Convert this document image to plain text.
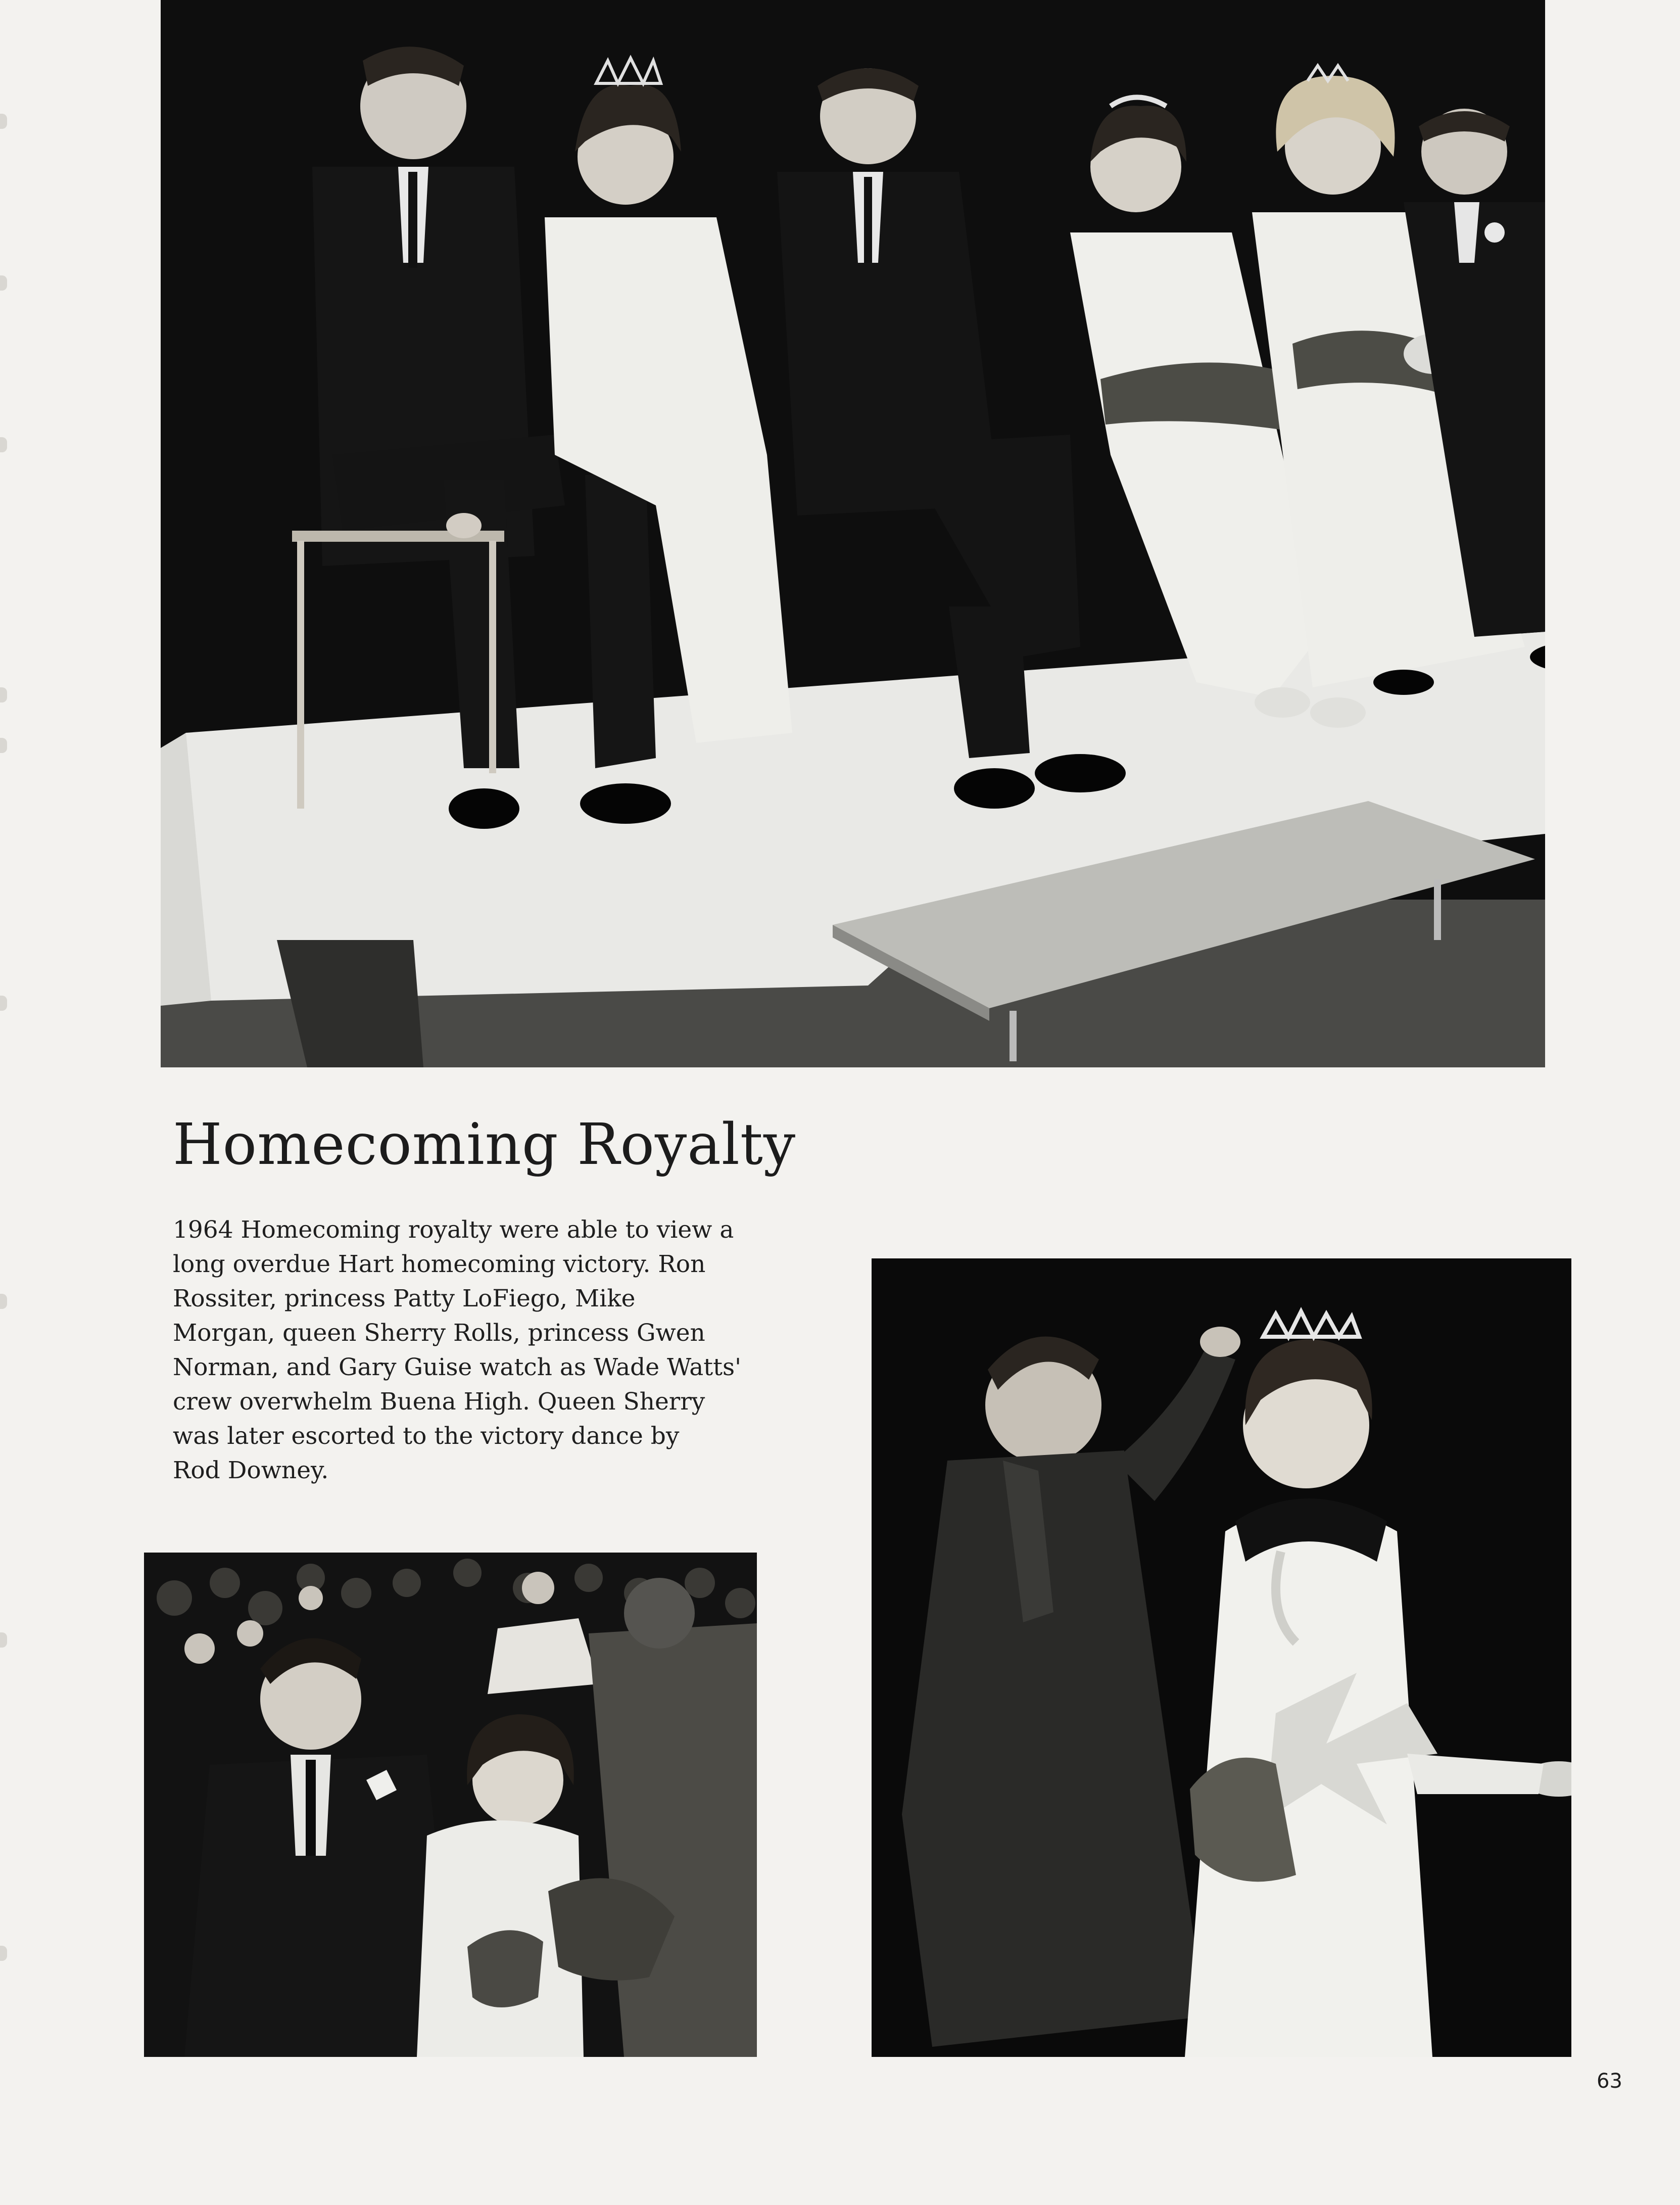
Homecoming Royalty

1964 Homecoming royalty were able to view a
long overdue Hart homecoming victory. Ron
Rossiter, princess Patty LoFiego, Mike
Morgan, queen Sherry Rolls, princess Gwen
Norman, and Gary Guise watch as Wade Watts'
crew overwhelm Buena High. Queen Sherry
was later escorted to the victory dance by
Rod Downey.

63
